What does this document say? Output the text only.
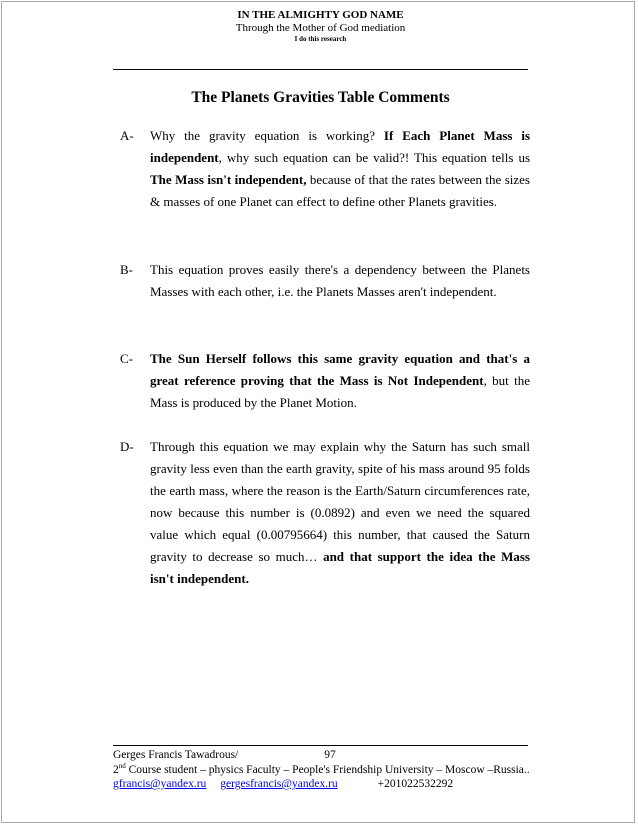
IN THE ALMIGHTY GOD NAME
Through the Mother of God mediation
I do this research
The Planets Gravities Table Comments
A- Why the gravity equation is working? If Each Planet Mass is independent, why such equation can be valid?! This equation tells us The Mass isn't independent, because of that the rates between the sizes & masses of one Planet can effect to define other Planets gravities.
B- This equation proves easily there's a dependency between the Planets Masses with each other, i.e. the Planets Masses aren't independent.
C- The Sun Herself follows this same gravity equation and that's a great reference proving that the Mass is Not Independent, but the Mass is produced by the Planet Motion.
D- Through this equation we may explain why the Saturn has such small gravity less even than the earth gravity, spite of his mass around 95 folds the earth mass, where the reason is the Earth/Saturn circumferences rate, now because this number is (0.0892) and even we need the squared value which equal (0.00795664) this number, that caused the Saturn gravity to decrease so much… and that support the idea the Mass isn't independent.
Gerges Francis Tawadrous/	97
2nd Course student – physics Faculty – People's Friendship University – Moscow –Russia..
gfrancis@yandex.ru gergesfrancis@yandex.ru	+201022532292
